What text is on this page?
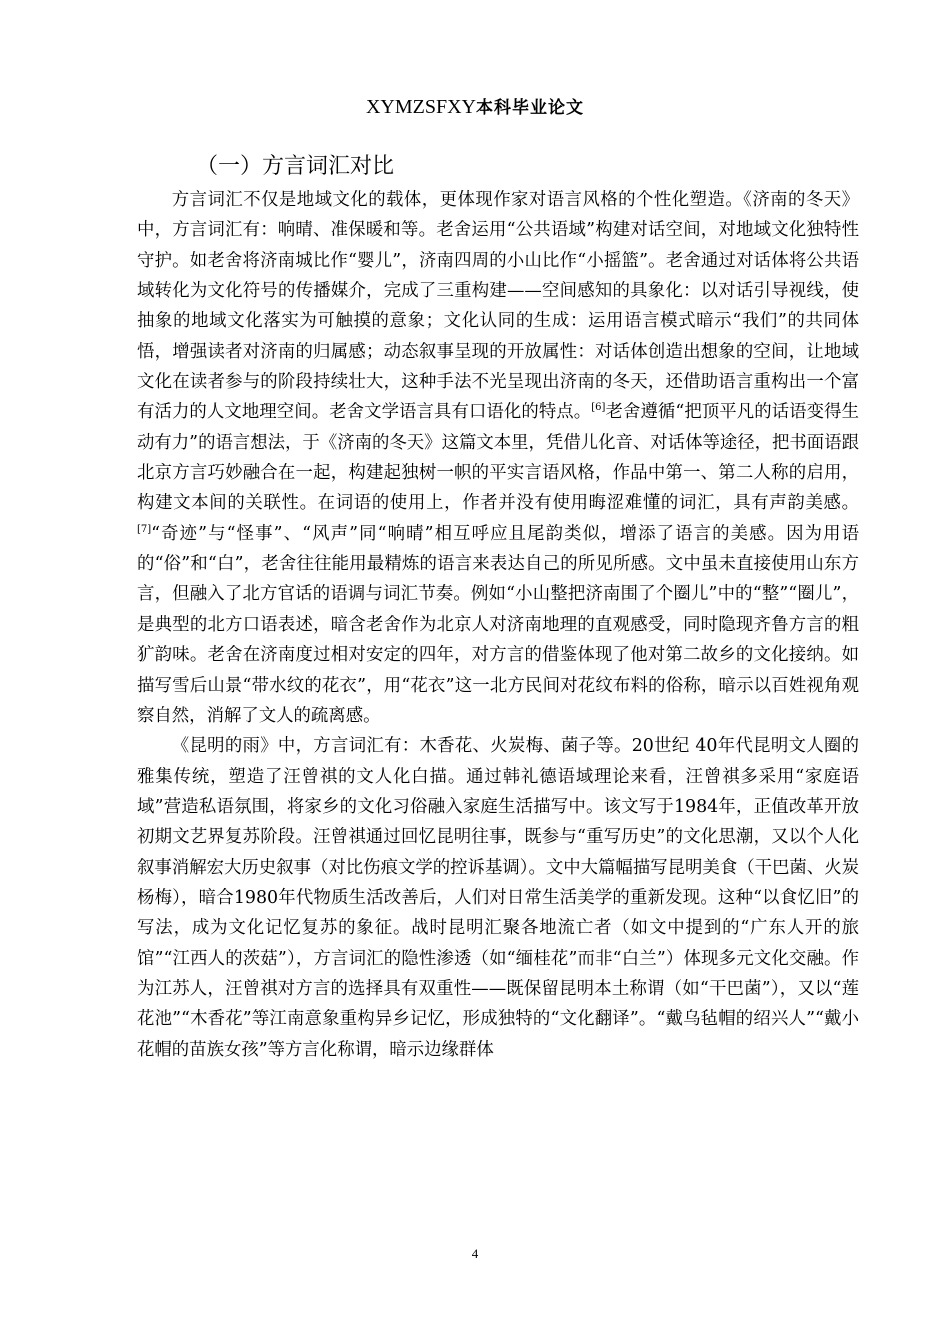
XYMZSFXY本科毕业论文
（一）方言词汇对比

方言词汇不仅是地域文化的载体，更体现作家对语言风格的个性化塑造。《济南的冬天》中，方言词汇有：响晴、准保暖和等。老舍运用“公共语域”构建对话空间，对地域文化独特性守护。如老舍将济南城比作“婴儿”，济南四周的小山比作“小摇篮”。老舍通过对话体将公共语域转化为文化符号的传播媒介，完成了三重构建——空间感知的具象化：以对话引导视线，使抽象的地域文化落实为可触摸的意象；文化认同的生成：运用语言模式暗示“我们”的共同体悟，增强读者对济南的归属感；动态叙事呈现的开放属性：对话体创造出想象的空间，让地域文化在读者参与的阶段持续壮大，这种手法不光呈现出济南的冬天，还借助语言重构出一个富有活力的人文地理空间。老舍文学语言具有口语化的特点。[6]老舍遵循“把顶平凡的话语变得生动有力”的语言想法，于《济南的冬天》这篇文本里，凭借儿化音、对话体等途径，把书面语跟北京方言巧妙融合在一起，构建起独树一帜的平实言语风格，作品中第一、第二人称的启用，构建文本间的关联性。在词语的使用上，作者并没有使用晦涩难懂的词汇，具有声韵美感。[7]“奇迹”与“怪事”、“风声”同“响晴”相互呼应且尾韵类似，增添了语言的美感。因为用语的“俗”和“白”，老舍往往能用最精炼的语言来表达自己的所见所感。文中虽未直接使用山东方言，但融入了北方官话的语调与词汇节奏。例如“小山整把济南围了个圈儿”中的“整”“圈儿”，是典型的北方口语表述，暗含老舍作为北京人对济南地理的直观感受，同时隐现齐鲁方言的粗犷韵味。老舍在济南度过相对安定的四年，对方言的借鉴体现了他对第二故乡的文化接纳。如描写雪后山景“带水纹的花衣”，用“花衣”这一北方民间对花纹布料的俗称，暗示以百姓视角观察自然，消解了文人的疏离感。

《昆明的雨》中，方言词汇有：木香花、火炭梅、菌子等。20世纪 40年代昆明文人圈的雅集传统，塑造了汪曾祺的文人化白描。通过韩礼德语域理论来看，汪曾祺多采用“家庭语域”营造私语氛围，将家乡的文化习俗融入家庭生活描写中。该文写于1984年，正值改革开放初期文艺界复苏阶段。汪曾祺通过回忆昆明往事，既参与“重写历史”的文化思潮，又以个人化叙事消解宏大历史叙事（对比伤痕文学的控诉基调）。文中大篇幅描写昆明美食（干巴菌、火炭杨梅），暗合1980年代物质生活改善后，人们对日常生活美学的重新发现。这种“以食忆旧”的写法，成为文化记忆复苏的象征。战时昆明汇聚各地流亡者（如文中提到的“广东人开的旅馆”“江西人的茨菇”），方言词汇的隐性渗透（如“缅桂花”而非“白兰”）体现多元文化交融。作为江苏人，汪曾祺对方言的选择具有双重性——既保留昆明本土称谓（如“干巴菌”），又以“莲花池”“木香花”等江南意象重构异乡记忆，形成独特的“文化翻译”。“戴乌毡帽的绍兴人”“戴小花帽的苗族女孩”等方言化称谓，暗示边缘群体

4
